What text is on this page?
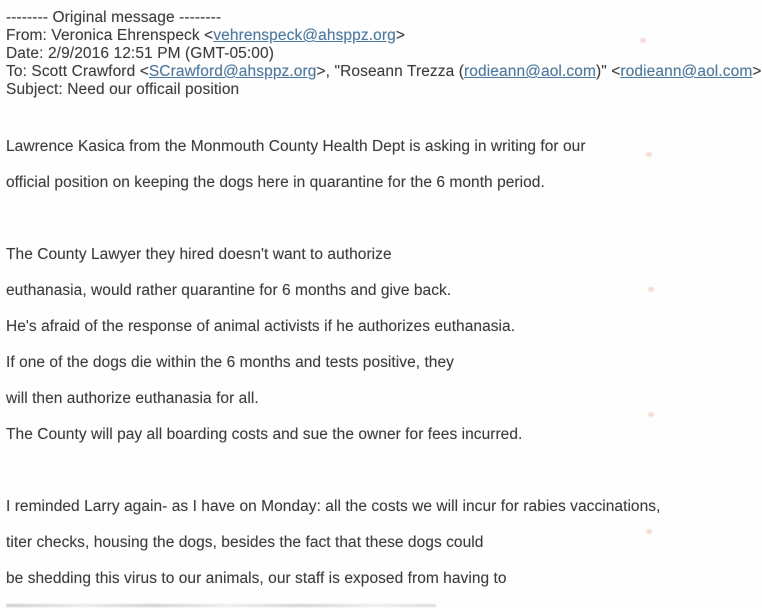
-------- Original message --------
From: Veronica Ehrenspeck <vehrenspeck@ahsppz.org>
Date: 2/9/2016 12:51 PM (GMT-05:00)
To: Scott Crawford <SCrawford@ahsppz.org>, "Roseann Trezza (rodieann@aol.com)" <rodieann@aol.com>
Subject: Need our officail position
Lawrence Kasica from the Monmouth County Health Dept is asking in writing for our
official position on keeping the dogs here in quarantine for the 6 month period.
The County Lawyer they hired doesn't want to authorize
euthanasia, would rather quarantine for 6 months and give back.
He's afraid of the response of animal activists if he authorizes euthanasia.
If one of the dogs die within the 6 months and tests positive, they
will then authorize euthanasia for all.
The County will pay all boarding costs and sue the owner for fees incurred.
I reminded Larry again- as I have on Monday: all the costs we will incur for rabies vaccinations,
titer checks, housing the dogs, besides the fact that these dogs could
be shedding this virus to our animals, our staff is exposed from having to
